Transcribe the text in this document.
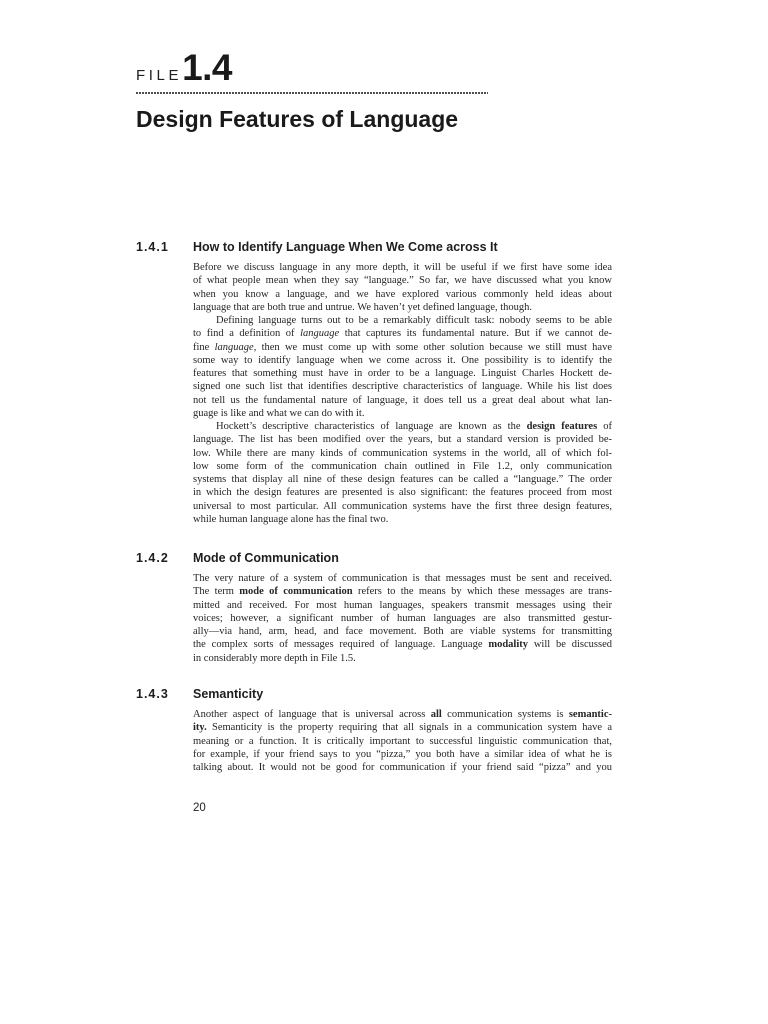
FILE 1.4
Design Features of Language
1.4.1 How to Identify Language When We Come across It
Before we discuss language in any more depth, it will be useful if we first have some idea
of what people mean when they say “language.” So far, we have discussed what you know
when you know a language, and we have explored various commonly held ideas about
language that are both true and untrue. We haven’t yet defined language, though.
Defining language turns out to be a remarkably difficult task: nobody seems to be able
to find a definition of language that captures its fundamental nature. But if we cannot de-
fine language, then we must come up with some other solution because we still must have
some way to identify language when we come across it. One possibility is to identify the
features that something must have in order to be a language. Linguist Charles Hockett de-
signed one such list that identifies descriptive characteristics of language. While his list does
not tell us the fundamental nature of language, it does tell us a great deal about what lan-
guage is like and what we can do with it.
Hockett’s descriptive characteristics of language are known as the design features of
language. The list has been modified over the years, but a standard version is provided be-
low. While there are many kinds of communication systems in the world, all of which fol-
low some form of the communication chain outlined in File 1.2, only communication
systems that display all nine of these design features can be called a “language.” The order
in which the design features are presented is also significant: the features proceed from most
universal to most particular. All communication systems have the first three design features,
while human language alone has the final two.
1.4.2 Mode of Communication
The very nature of a system of communication is that messages must be sent and received.
The term mode of communication refers to the means by which these messages are trans-
mitted and received. For most human languages, speakers transmit messages using their
voices; however, a significant number of human languages are also transmitted gestur-
ally—via hand, arm, head, and face movement. Both are viable systems for transmitting
the complex sorts of messages required of language. Language modality will be discussed
in considerably more depth in File 1.5.
1.4.3 Semanticity
Another aspect of language that is universal across all communication systems is semantic-
ity. Semanticity is the property requiring that all signals in a communication system have a
meaning or a function. It is critically important to successful linguistic communication that,
for example, if your friend says to you “pizza,” you both have a similar idea of what he is
talking about. It would not be good for communication if your friend said “pizza” and you
20
